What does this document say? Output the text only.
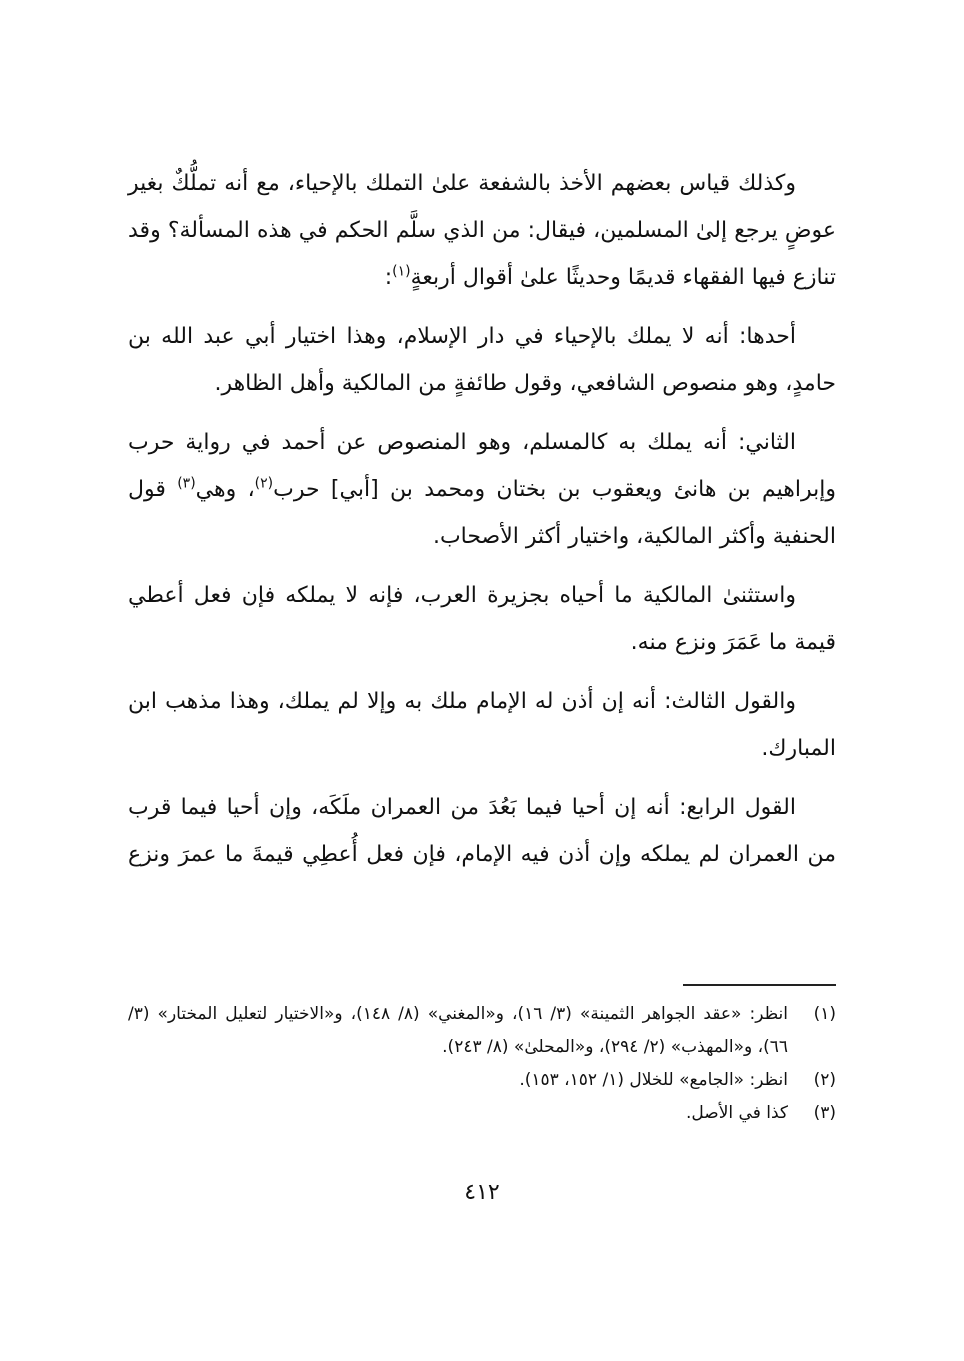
وكذلك قياس بعضهم الأخذ بالشفعة علىٰ التملك بالإحياء، مع أنه تملُّكٌ بغير عوضٍ يرجع إلىٰ المسلمين، فيقال: من الذي سلَّم الحكم في هذه المسألة؟ وقد تنازع فيها الفقهاء قديمًا وحديثًا علىٰ أقوال أربعةٍ$^{(١)}$:

أحدها: أنه لا يملك بالإحياء في دار الإسلام، وهذا اختيار أبي عبد الله بن حامدٍ، وهو منصوص الشافعي، وقول طائفةٍ من المالكية وأهل الظاهر.

الثاني: أنه يملك به كالمسلم، وهو المنصوص عن أحمد في رواية حرب وإبراهيم بن هانئ ويعقوب بن بختان ومحمد بن [أبي] حرب$^{(٢)}$، وهي$^{(٣)}$ قول الحنفية وأكثر المالكية، واختيار أكثر الأصحاب.

واستثنىٰ المالكية ما أحياه بجزيرة العرب، فإنه لا يملكه فإن فعل أعطي قيمة ما عَمَرَ ونزع منه.

والقول الثالث: أنه إن أذن له الإمام ملك به وإلا لم يملك، وهذا مذهب ابن المبارك.

القول الرابع: أنه إن أحيا فيما بَعُدَ من العمران ملَكَه، وإن أحيا فيما قرب من العمران لم يملكه وإن أذن فيه الإمام، فإن فعل أُعطِي قيمةَ ما عمرَ ونزع

(١)
انظر: «عقد الجواهر الثمينة» (٣/ ١٦)، و«المغني» (٨/ ١٤٨)، و«الاختيار لتعليل المختار» (٣/ ٦٦)، و«المهذب» (٢/ ٢٩٤)، و«المحلىٰ» (٨/ ٢٤٣).
(٢)
انظر: «الجامع» للخلال (١/ ١٥٢، ١٥٣).
(٣)
كذا في الأصل.
٤١٢
